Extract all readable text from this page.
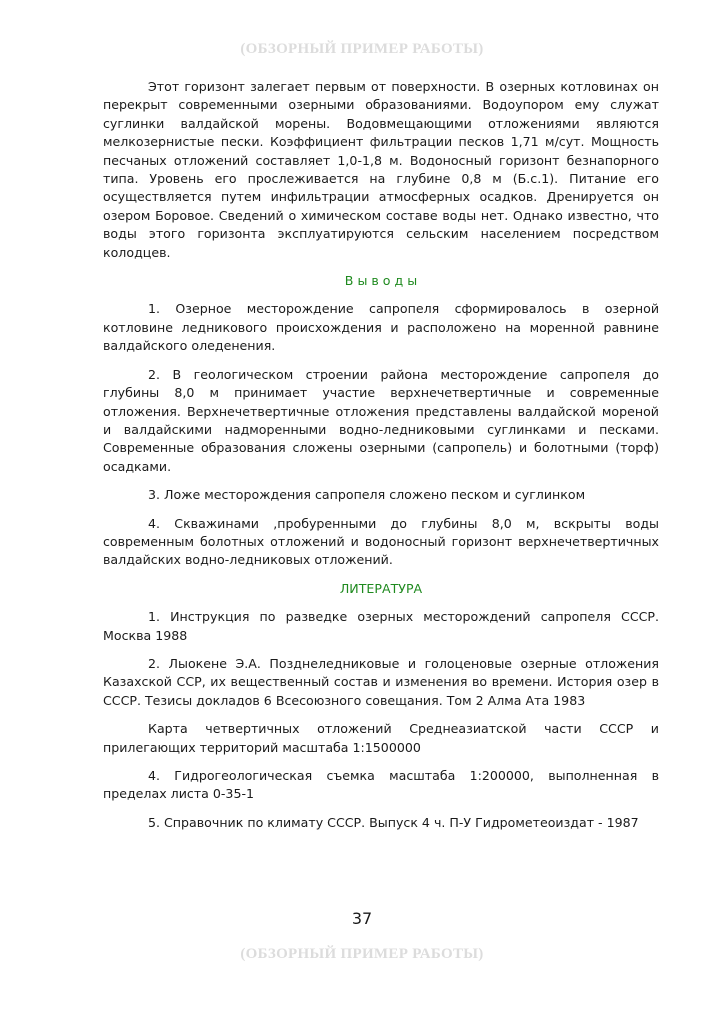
(ОБЗОРНЫЙ ПРИМЕР РАБОТЫ)

Этот горизонт залегает первым от поверхности. В озерных котловинах он перекрыт современными озерными образованиями. Водоупором ему служат суглинки валдайской морены. Водовмещающими отложениями являются мелкозернистые пески. Коэффициент фильтрации песков 1,71 м/сут. Мощность песчаных отложений составляет 1,0-1,8 м. Водоносный горизонт безнапорного типа. Уровень его прослеживается на глубине 0,8 м (Б.с.1). Питание его осуществляется путем инфильтрации атмосферных осадков. Дренируется он озером Боровое. Сведений о химическом составе воды нет. Однако известно, что воды этого горизонта эксплуатируются сельским населением посредством колодцев.

В ы в о д ы

1. Озерное месторождение сапропеля сформировалось в озерной котловине ледникового происхождения и расположено на моренной равнине валдайского оледенения.

2. В геологическом строении района месторождение сапропеля до глубины 8,0 м принимает участие верхнечетвертичные и современные отложения. Верхнечетвертичные отложения представлены валдайской мореной и валдайскими надморенными водно-ледниковыми суглинками и песками. Современные образования сложены озерными (сапропель) и болотными (торф) осадками.

3. Ложе месторождения сапропеля сложено песком и суглинком

4. Скважинами ,пробуренными до глубины 8,0 м, вскрыты воды современным болотных отложений и водоносный горизонт верхнечетвертичных валдайских водно-ледниковых отложений.

ЛИТЕРАТУРА

1. Инструкция по разведке озерных месторождений сапропеля СССР. Москва 1988

2. Лыокене Э.А. Позднеледниковые и голоценовые озерные отложения Казахской ССР, их вещественный состав и изменения во времени. История озер в СССР. Тезисы докладов 6 Всесоюзного совещания. Том 2 Алма Ата 1983

Карта четвертичных отложений Среднеазиатской части СССР и прилегающих территорий масштаба 1:1500000

4. Гидрогеологическая съемка масштаба 1:200000, выполненная в пределах листа 0-35-1

5. Справочник по климату СССР. Выпуск 4 ч. П-У Гидрометеоиздат - 1987

37
(ОБЗОРНЫЙ ПРИМЕР РАБОТЫ)
